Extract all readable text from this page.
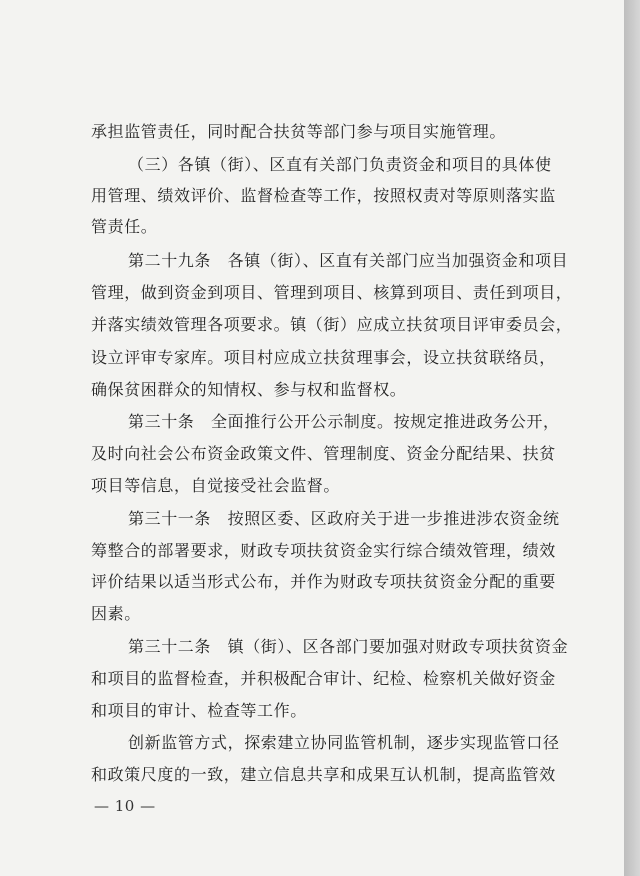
承担监管责任，同时配合扶贫等部门参与项目实施管理。
（三）各镇（街）、区直有关部门负责资金和项目的具体使
用管理、绩效评价、监督检查等工作，按照权责对等原则落实监
管责任。
第二十九条　各镇（街）、区直有关部门应当加强资金和项目
管理，做到资金到项目、管理到项目、核算到项目、责任到项目，
并落实绩效管理各项要求。镇（街）应成立扶贫项目评审委员会，
设立评审专家库。项目村应成立扶贫理事会，设立扶贫联络员，
确保贫困群众的知情权、参与权和监督权。
第三十条　全面推行公开公示制度。按规定推进政务公开，
及时向社会公布资金政策文件、管理制度、资金分配结果、扶贫
项目等信息，自觉接受社会监督。
第三十一条　按照区委、区政府关于进一步推进涉农资金统
筹整合的部署要求，财政专项扶贫资金实行综合绩效管理，绩效
评价结果以适当形式公布，并作为财政专项扶贫资金分配的重要
因素。
第三十二条　镇（街）、区各部门要加强对财政专项扶贫资金
和项目的监督检查，并积极配合审计、纪检、检察机关做好资金
和项目的审计、检查等工作。
创新监管方式，探索建立协同监管机制，逐步实现监管口径
和政策尺度的一致，建立信息共享和成果互认机制，提高监管效
— 10 —
